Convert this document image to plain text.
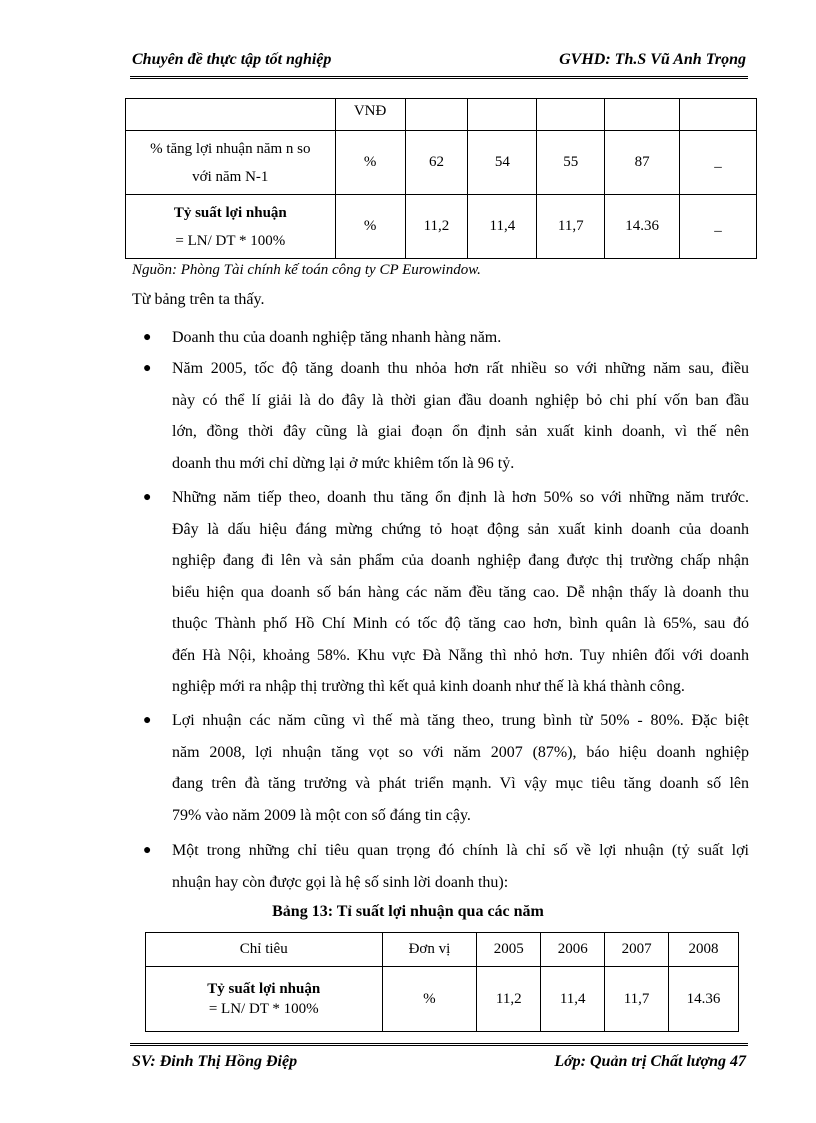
Chuyên đề thực tập tốt nghiệp	GVHD: Th.S Vũ Anh Trọng
	VNĐ					
% tăng lợi nhuận năm n so
với năm N-1	%	62	54	55	87	_
Tỷ suất lợi nhuận
= LN/ DT * 100%	%	11,2	11,4	11,7	14.36	_
Nguồn: Phòng Tài chính kế toán công ty CP Eurowindow.
Từ bảng trên ta thấy.
● Doanh thu của doanh nghiệp tăng nhanh hàng năm.
● Năm 2005, tốc độ tăng doanh thu nhỏa hơn rất nhiều so với những năm sau, điều
này có thể lí giải là do đây là thời gian đầu doanh nghiệp bỏ chi phí vốn ban đầu
lớn, đồng thời đây cũng là giai đoạn ổn định sản xuất kinh doanh, vì thế nên
doanh thu mới chỉ dừng lại ở mức khiêm tốn là 96 tỷ.
● Những năm tiếp theo, doanh thu tăng ổn định là hơn 50% so với những năm trước.
Đây là dấu hiệu đáng mừng chứng tỏ hoạt động sản xuất kinh doanh của doanh
nghiệp đang đi lên và sản phẩm của doanh nghiệp đang được thị trường chấp nhận
biểu hiện qua doanh số bán hàng các năm đều tăng cao. Dễ nhận thấy là doanh thu
thuộc Thành phố Hồ Chí Minh có tốc độ tăng cao hơn, bình quân là 65%, sau đó
đến Hà Nội, khoảng 58%. Khu vực Đà Nẵng thì nhỏ hơn. Tuy nhiên đối với doanh
nghiệp mới ra nhập thị trường thì kết quả kinh doanh như thế là khá thành công.
● Lợi nhuận các năm cũng vì thế mà tăng theo, trung bình từ 50% - 80%. Đặc biệt
năm 2008, lợi nhuận tăng vọt so với năm 2007 (87%), báo hiệu doanh nghiệp
đang trên đà tăng trưởng và phát triển mạnh. Vì vậy mục tiêu tăng doanh số lên
79% vào năm 2009 là một con số đáng tin cậy.
● Một trong những chỉ tiêu quan trọng đó chính là chỉ số về lợi nhuận (tỷ suất lợi
nhuận hay còn được gọi là hệ số sinh lời doanh thu):
Bảng 13: Tỉ suất lợi nhuận qua các năm
Chỉ tiêu	Đơn vị	2005	2006	2007	2008
Tỷ suất lợi nhuận
= LN/ DT * 100%	%	11,2	11,4	11,7	14.36
SV: Đinh Thị Hồng Điệp	Lớp: Quản trị Chất lượng 47
